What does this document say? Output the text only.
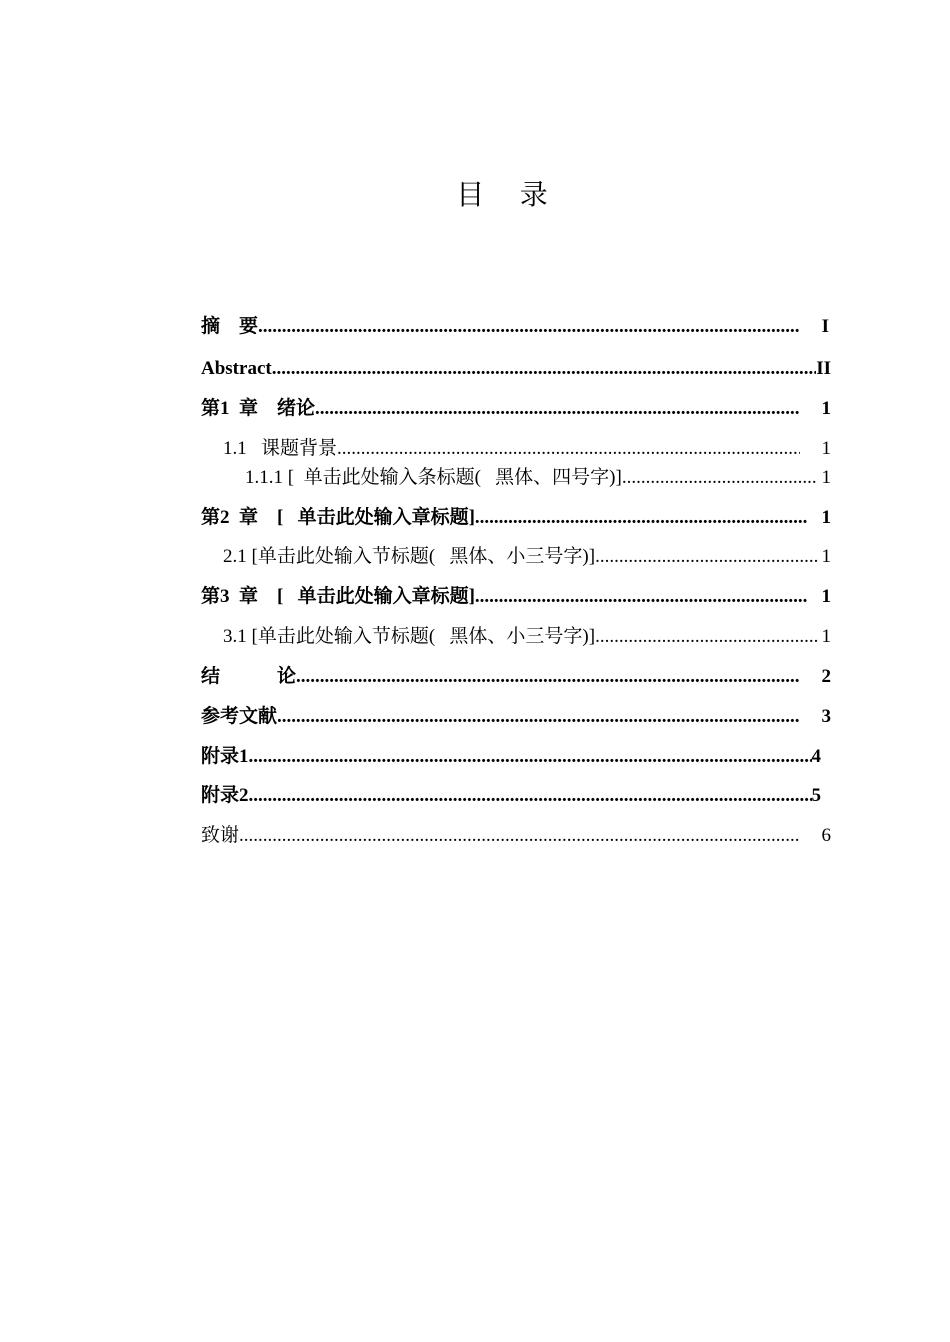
目    录
摘    要 .....	I
Abstract .....	II
第1  章    绪论 .....	1
1.1   课题背景 .....	1
1.1.1 [  单击此处输入条标题(   黑体、四号字)] .....	1
第2  章    [   单击此处输入章标题] .....	1
2.1 [单击此处输入节标题(   黑体、小三号字)] .....	1
第3  章    [   单击此处输入章标题] .....	1
3.1 [单击此处输入节标题(   黑体、小三号字)] .....	1
结            论 .....	2
参考文献 .....	3
附录1 .....	4
附录2 .....	5
致谢 .....	6
